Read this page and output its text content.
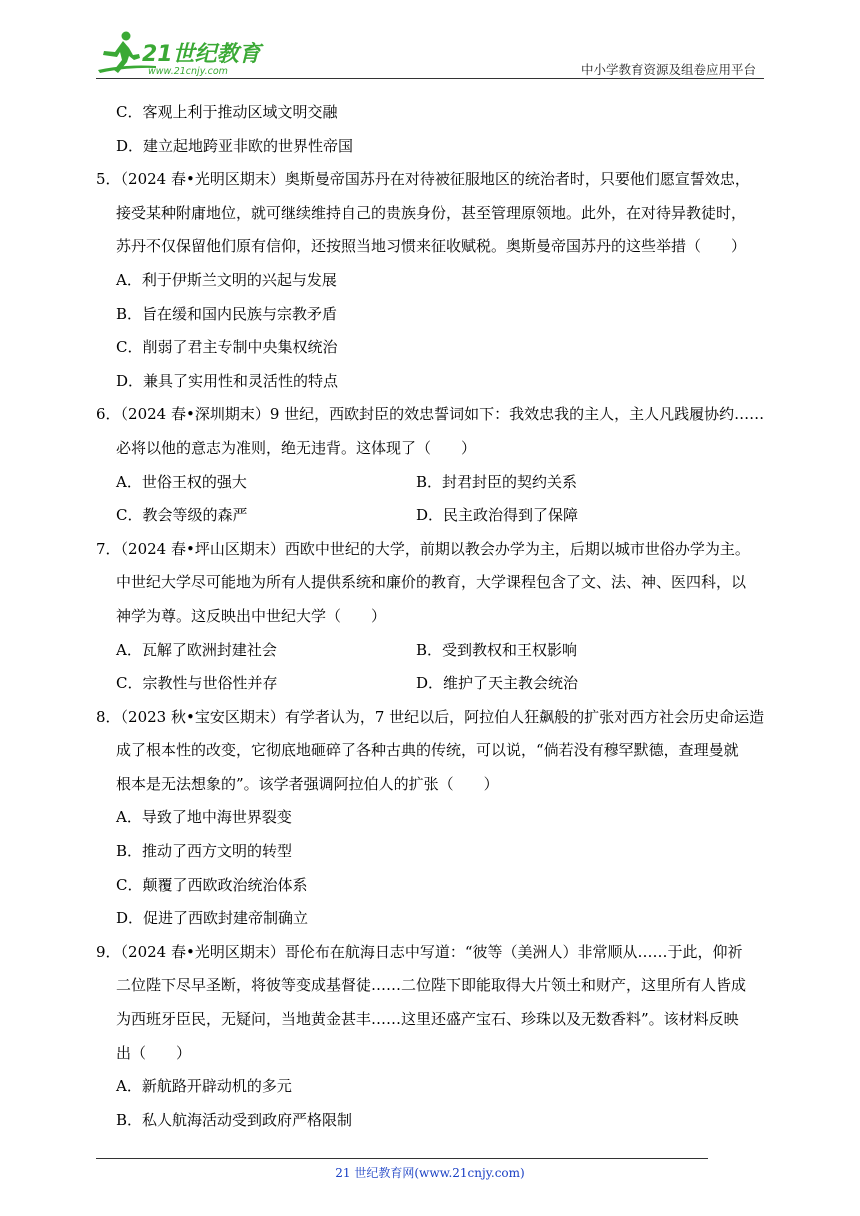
21世纪教育
www.21cnjy.com	中小学教育资源及组卷应用平台
C．客观上利于推动区域文明交融
D．建立起地跨亚非欧的世界性帝国
5．（2024 春•光明区期末）奥斯曼帝国苏丹在对待被征服地区的统治者时，只要他们愿宣誓效忠，
接受某种附庸地位，就可继续维持自己的贵族身份，甚至管理原领地。此外，在对待异教徒时，
苏丹不仅保留他们原有信仰，还按照当地习惯来征收赋税。奥斯曼帝国苏丹的这些举措（　　）
A．利于伊斯兰文明的兴起与发展
B．旨在缓和国内民族与宗教矛盾
C．削弱了君主专制中央集权统治
D．兼具了实用性和灵活性的特点
6．（2024 春•深圳期末）9 世纪，西欧封臣的效忠誓词如下：我效忠我的主人，主人凡践履协约……
必将以他的意志为准则，绝无违背。这体现了（　　）
A．世俗王权的强大	B．封君封臣的契约关系
C．教会等级的森严	D．民主政治得到了保障
7．（2024 春•坪山区期末）西欧中世纪的大学，前期以教会办学为主，后期以城市世俗办学为主。
中世纪大学尽可能地为所有人提供系统和廉价的教育，大学课程包含了文、法、神、医四科，以
神学为尊。这反映出中世纪大学（　　）
A．瓦解了欧洲封建社会	B．受到教权和王权影响
C．宗教性与世俗性并存	D．维护了天主教会统治
8．（2023 秋•宝安区期末）有学者认为，7 世纪以后，阿拉伯人狂飙般的扩张对西方社会历史命运造
成了根本性的改变，它彻底地砸碎了各种古典的传统，可以说，“倘若没有穆罕默德，查理曼就
根本是无法想象的”。该学者强调阿拉伯人的扩张（　　）
A．导致了地中海世界裂变
B．推动了西方文明的转型
C．颠覆了西欧政治统治体系
D．促进了西欧封建帝制确立
9．（2024 春•光明区期末）哥伦布在航海日志中写道：“彼等（美洲人）非常顺从……于此，仰祈
二位陛下尽早圣断，将彼等变成基督徒……二位陛下即能取得大片领土和财产，这里所有人皆成
为西班牙臣民，无疑问，当地黄金甚丰……这里还盛产宝石、珍珠以及无数香料”。该材料反映
出（　　）
A．新航路开辟动机的多元
B．私人航海活动受到政府严格限制
21 世纪教育网(www.21cnjy.com)
